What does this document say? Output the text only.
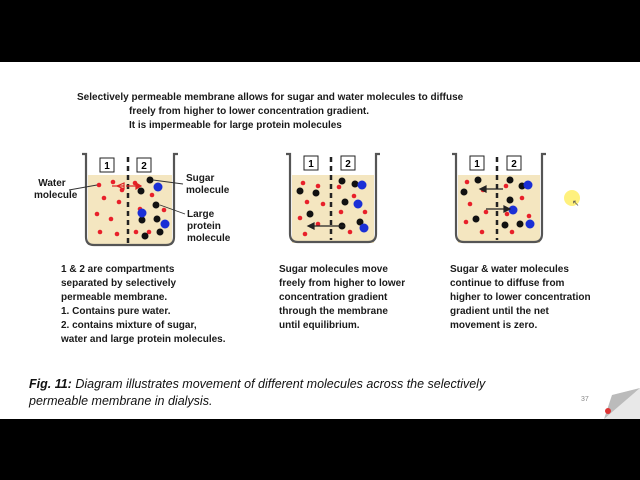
Selectively permeable membrane allows for sugar and water molecules to diffuse

freely from higher to lower concentration gradient.

It is impermeable for large protein molecules

1	2	1	2	1	2
Water
molecule
Sugar
molecule
Large
protein
molecule
1 & 2 are compartments
separated by selectively
permeable membrane.
1. Contains pure water.
2. contains mixture of sugar,
water and large protein molecules.
Sugar molecules move
freely from higher to lower
concentration gradient
through the membrane
until equilibrium.
Sugar & water molecules
continue to diffuse from
higher to lower concentration
gradient until the net
movement is zero.
Fig. 11: Diagram illustrates movement of different molecules across the selectively
permeable membrane in dialysis.	37
↖
